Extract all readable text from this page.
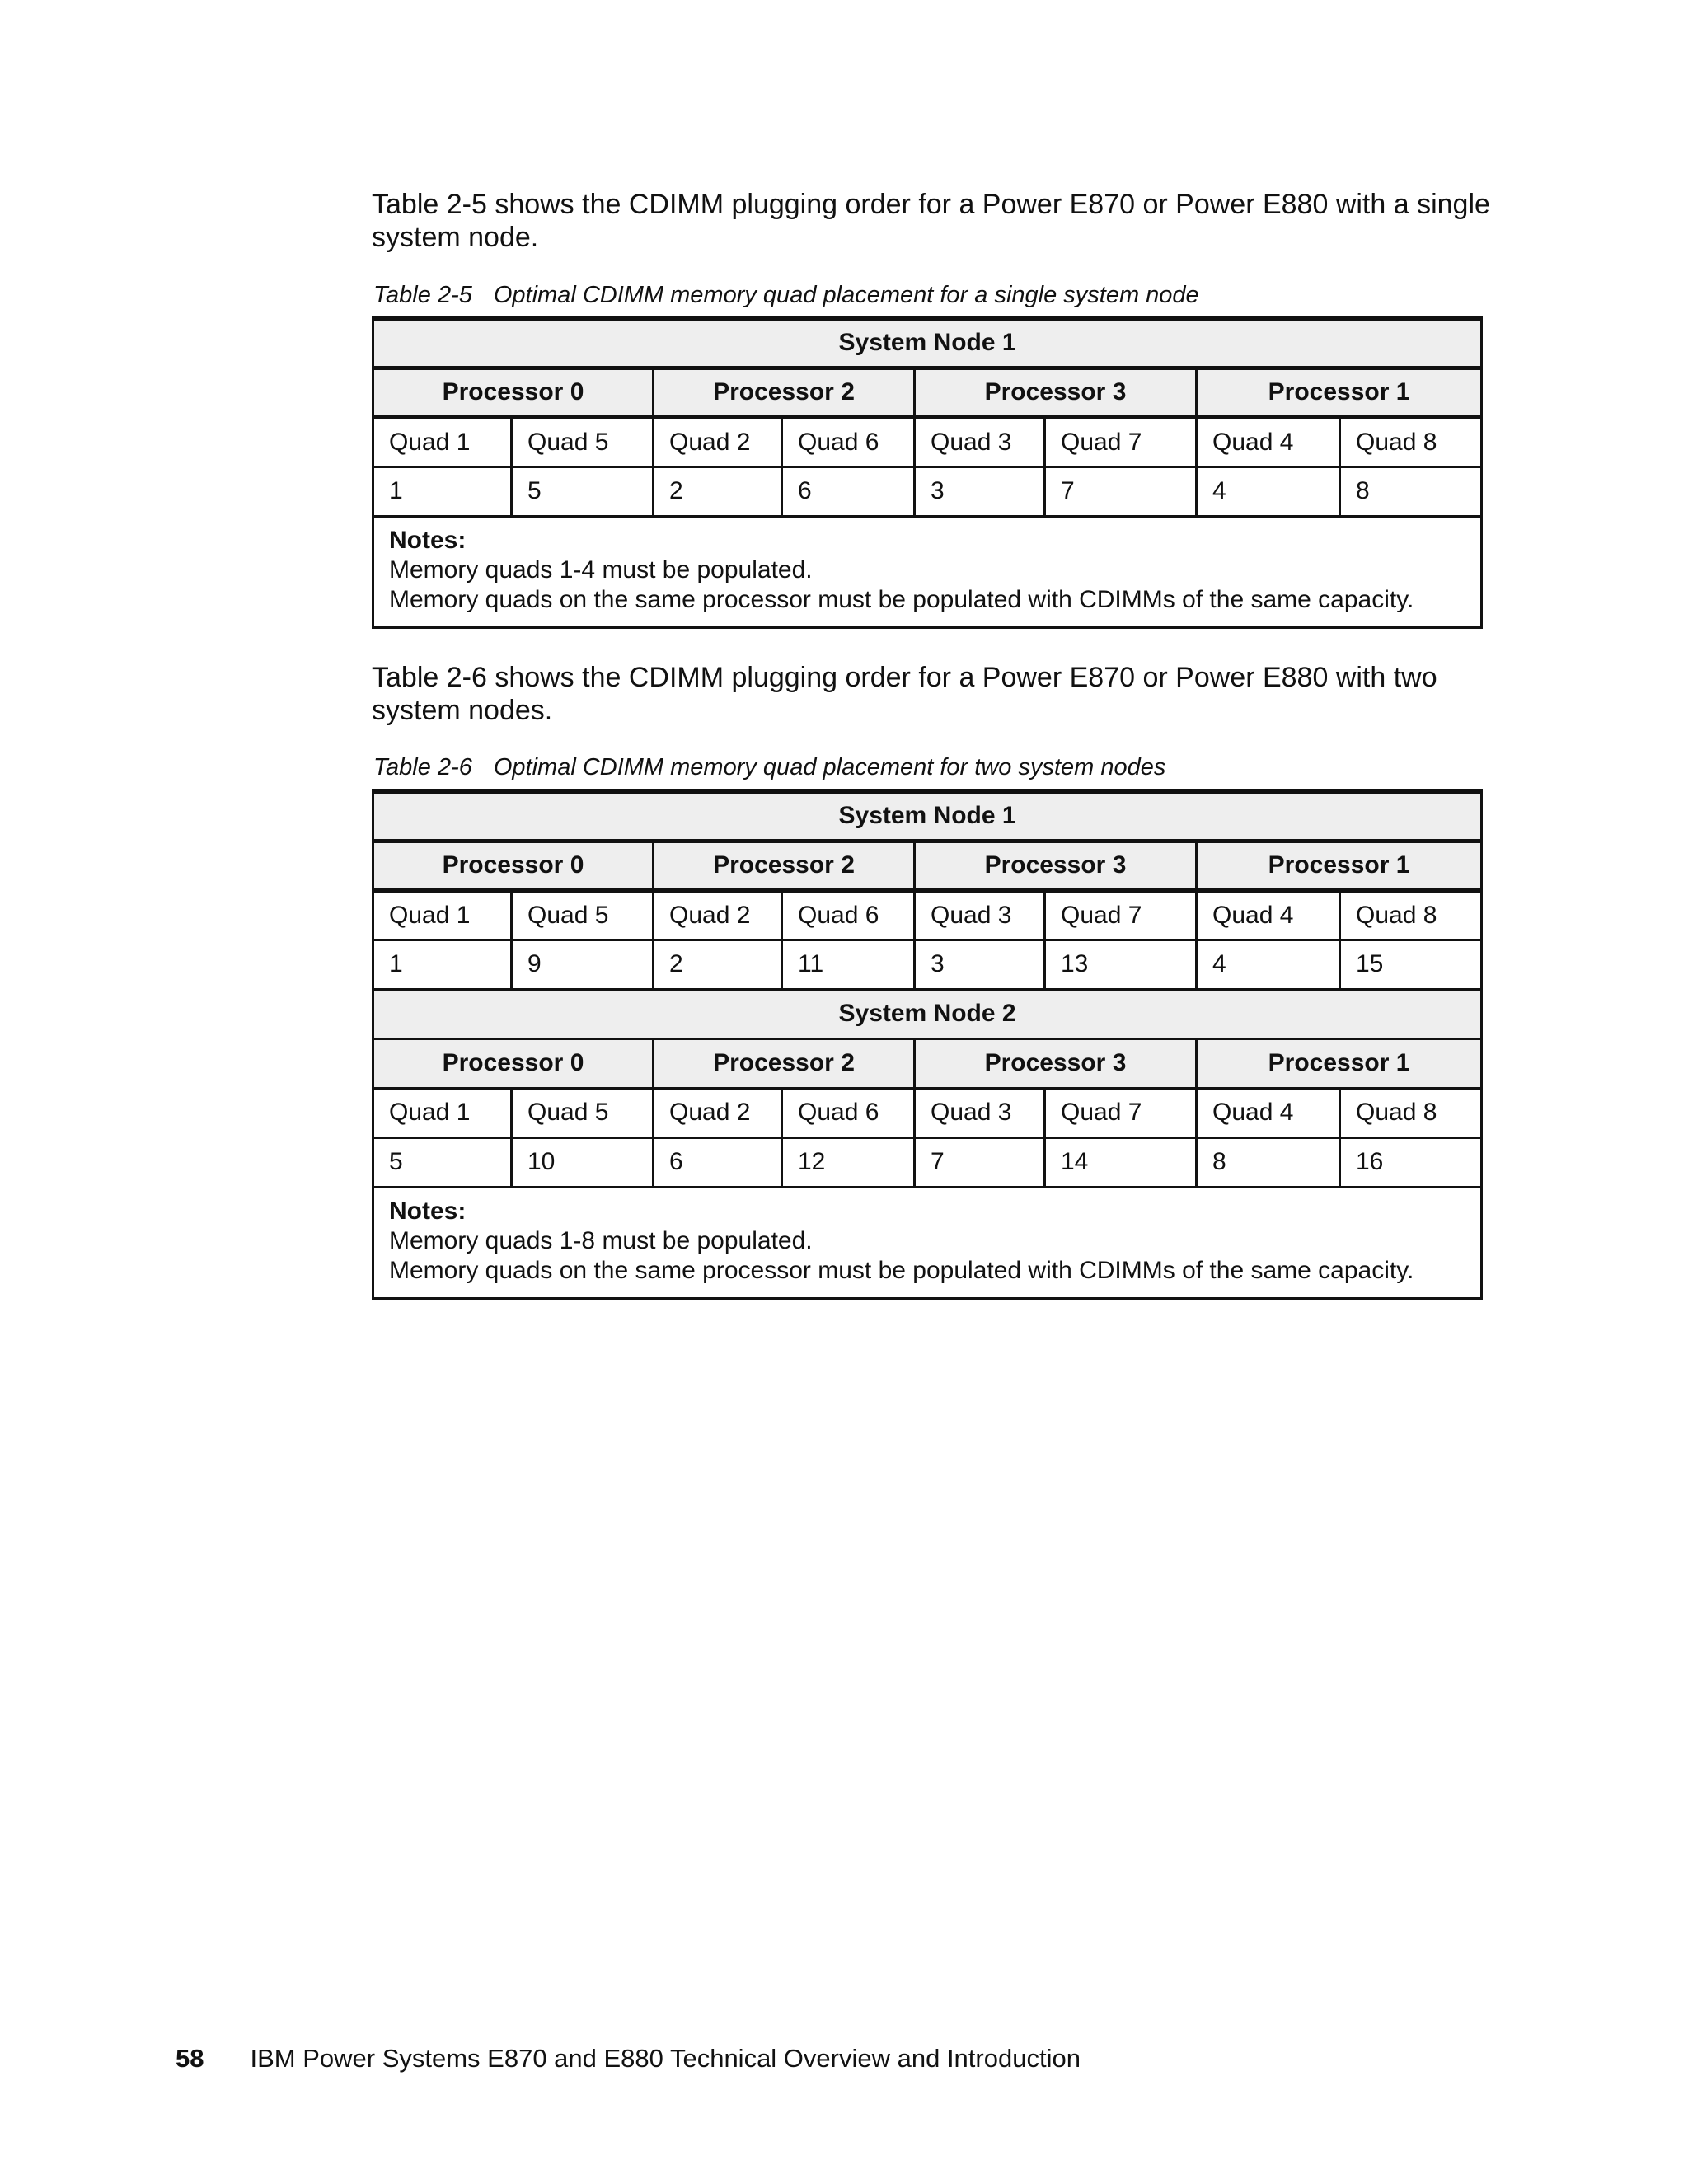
Table 2-5 shows the CDIMM plugging order for a Power E870 or Power E880 with a single system node.

Table 2-5 Optimal CDIMM memory quad placement for a single system node

System Node 1							
Processor 0		Processor 2		Processor 3		Processor 1	
Quad 1	Quad 5	Quad 2	Quad 6	Quad 3	Quad 7	Quad 4	Quad 8
1	5	2	6	3	7	4	8

Notes:
Memory quads 1-4 must be populated.
Memory quads on the same processor must be populated with CDIMMs of the same capacity.							

Table 2-6 shows the CDIMM plugging order for a Power E870 or Power E880 with two system nodes.

Table 2-6 Optimal CDIMM memory quad placement for two system nodes

System Node 1							
Processor 0		Processor 2		Processor 3		Processor 1	
Quad 1	Quad 5	Quad 2	Quad 6	Quad 3	Quad 7	Quad 4	Quad 8
1	9	2	11	3	13	4	15
System Node 2							
Processor 0		Processor 2		Processor 3		Processor 1	
Quad 1	Quad 5	Quad 2	Quad 6	Quad 3	Quad 7	Quad 4	Quad 8
5	10	6	12	7	14	8	16

Notes:
Memory quads 1-8 must be populated.
Memory quads on the same processor must be populated with CDIMMs of the same capacity.							
58 IBM Power Systems E870 and E880 Technical Overview and Introduction
